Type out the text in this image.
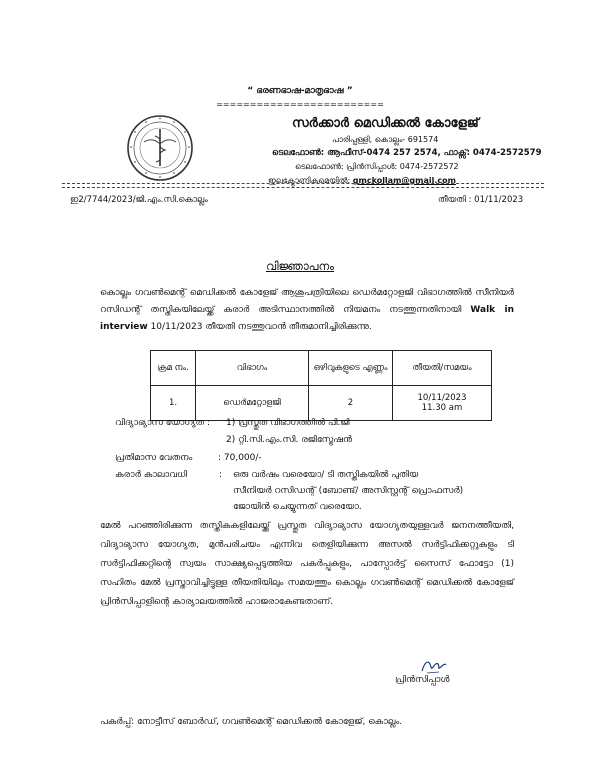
“ ഭരണഭാഷ-മാതൃഭാഷ ”
=========================
സർക്കാർ മെഡിക്കൽ കോളേജ്
പാരിപ്പള്ളി, കൊല്ലം- 691574
ടെലഫോൺ: ആഫീസ്-0474 257 2574, ഫാക്സ്: 0474-2572579
ടെലഫോൺ: പ്രിൻസിപ്പാൾ: 0474-2572572
ഇലക്ട്രോണികമെയിൽ: gmckollam@gmail.com
ഇ2/7744/2023/ജി.എം.സി.കൊല്ലം	തീയതി : 01/11/2023
വിജ്ഞാപനം
കൊല്ലം ഗവൺമെന്റ് മെഡിക്കൽ കോളേജ് ആശുപത്രിയിലെ ഡെർമറ്റോളജി വിഭാഗത്തിൽ സീനിയർ റസിഡന്റ് തസ്തികയിലേയ്ക്ക് കരാർ അടിസ്ഥാനത്തിൽ നിയമനം നടത്തുന്നതിനായി Walk in interview 10/11/2023 തീയതി നടത്തുവാൻ തീരുമാനിച്ചിരിക്കുന്നു.
ക്രമ നം.	വിഭാഗം	ഒഴിവുകളുടെ എണ്ണം	തീയതി/സമയം
1.	ഡെർമറ്റോളജി	2	10/11/2023
11.30 am
വിദ്യാഭ്യാസ യോഗ്യത : 1) പ്രസ്തുത വിഭാഗത്തിൽ പി.ജി
2) റ്റി.സി.എം.സി. രജിസ്ട്രേഷൻ
പ്രതിമാസ വേതനം	: 70,000/-
കരാർ കാലാവധി	: ഒരു വർഷം വരെയോ/ ടി തസ്തികയിൽ പുതിയ
സീനിയർ റസിഡന്റ് (ബോണ്ട്/ അസിസ്റ്റന്റ് പ്രൊഫസർ)
ജോയിൻ ചെയ്യുന്നത് വരെയോ.
മേൽ പറഞ്ഞിരിക്കുന്ന തസ്തികകളിലേയ്ക്ക് പ്രസ്തുത വിദ്യാഭ്യാസ യോഗ്യതയുള്ളവർ ജനനത്തീയതി, വിദ്യാഭ്യാസ യോഗ്യത, മുൻപരിചയം എന്നിവ തെളിയിക്കുന്ന അസൽ സർട്ടിഫിക്കറ്റുകളും ടി സർട്ടിഫിക്കറ്റിന്റെ സ്വയം സാക്ഷ്യപ്പെടുത്തിയ പകർപ്പുകളും, പാസ്പോർട്ട് സൈസ് ഫോട്ടോ (1) സഹിതം മേൽ പ്രസ്താവിച്ചിട്ടുള്ള തീയതിയിലും സമയത്തും കൊല്ലം ഗവൺമെന്റ് മെഡിക്കൽ കോളേജ് പ്രിൻസിപ്പാളിന്റെ കാര്യാലയത്തിൽ ഹാജരാകേണ്ടതാണ്.
പ്രിൻസിപ്പാൾ
പകർപ്പ്: നോട്ടീസ് ബോർഡ്, ഗവൺമെന്റ് മെഡിക്കൽ കോളേജ്, കൊല്ലം.
